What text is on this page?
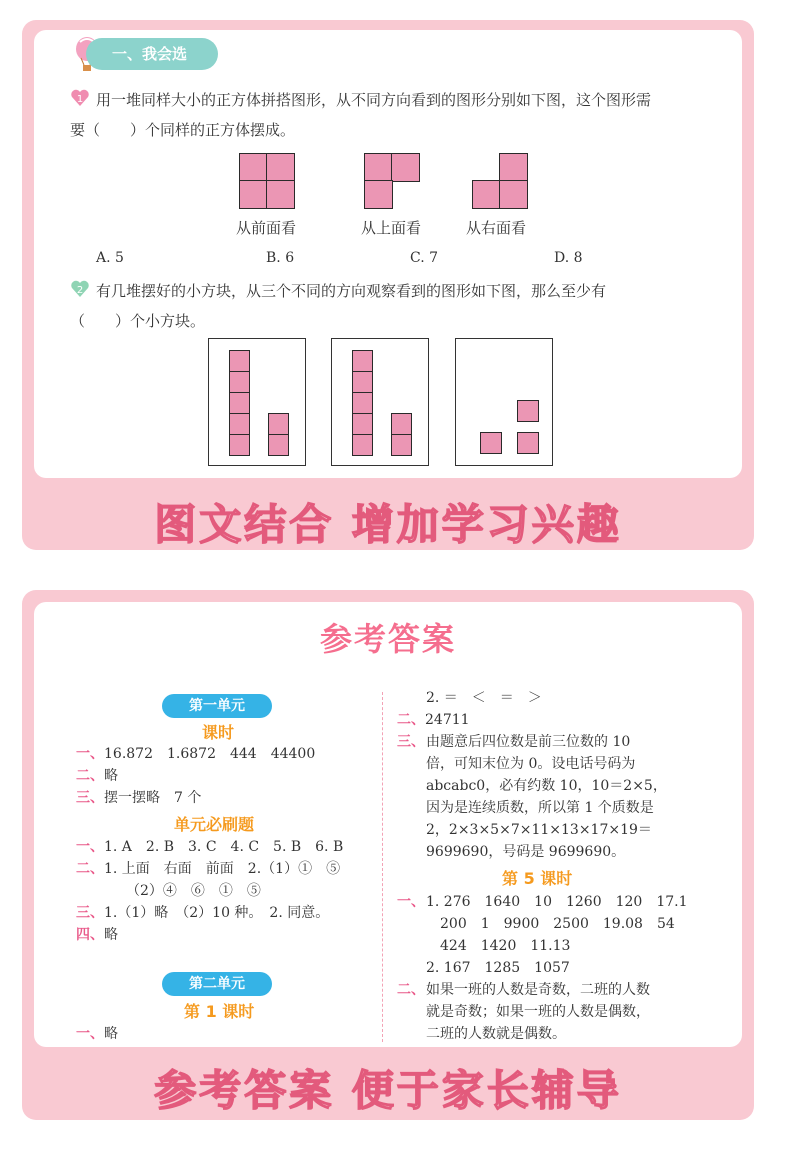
一、我会选
1 用一堆同样大小的正方体拼搭图形，从不同方向看到的图形分别如下图，这个图形需
要（　　）个同样的正方体摆成。
从前面看	从上面看	从右面看
A. 5	B. 6	C. 7	D. 8
2 有几堆摆好的小方块，从三个不同的方向观察看到的图形如下图，那么至少有
（　　）个小方块。
图文结合 增加学习兴趣
参考答案
第一单元
课时
一、16.872　1.6872　444　44400
二、略
三、摆一摆略　7 个
单元必刷题
一、1. A　2. B　3. C　4. C　5. B　6. B
二、1. 上面　右面　前面　2.（1）①　⑤
（2）④　⑥　①　⑤
三、1.（1）略　（2）10 种。　2. 同意。
四、略
第二单元
第 1 课时
一、略
2. ＝　＜　＝　＞
二、24711
三、 由题意后四位数是前三位数的 10
倍，可知末位为 0。设电话号码为
abcabc0，必有约数 10，10＝2×5，
因为是连续质数，所以第 1 个质数是
2，2×3×5×7×11×13×17×19＝
9699690，号码是 9699690。
第 5 课时
一、 1. 276　1640　10　1260　120　17.1
200　1　9900　2500　19.08　54
424　1420　11.13
2. 167　1285　1057
二、 如果一班的人数是奇数，二班的人数
就是奇数；如果一班的人数是偶数，
二班的人数就是偶数。
参考答案 便于家长辅导
